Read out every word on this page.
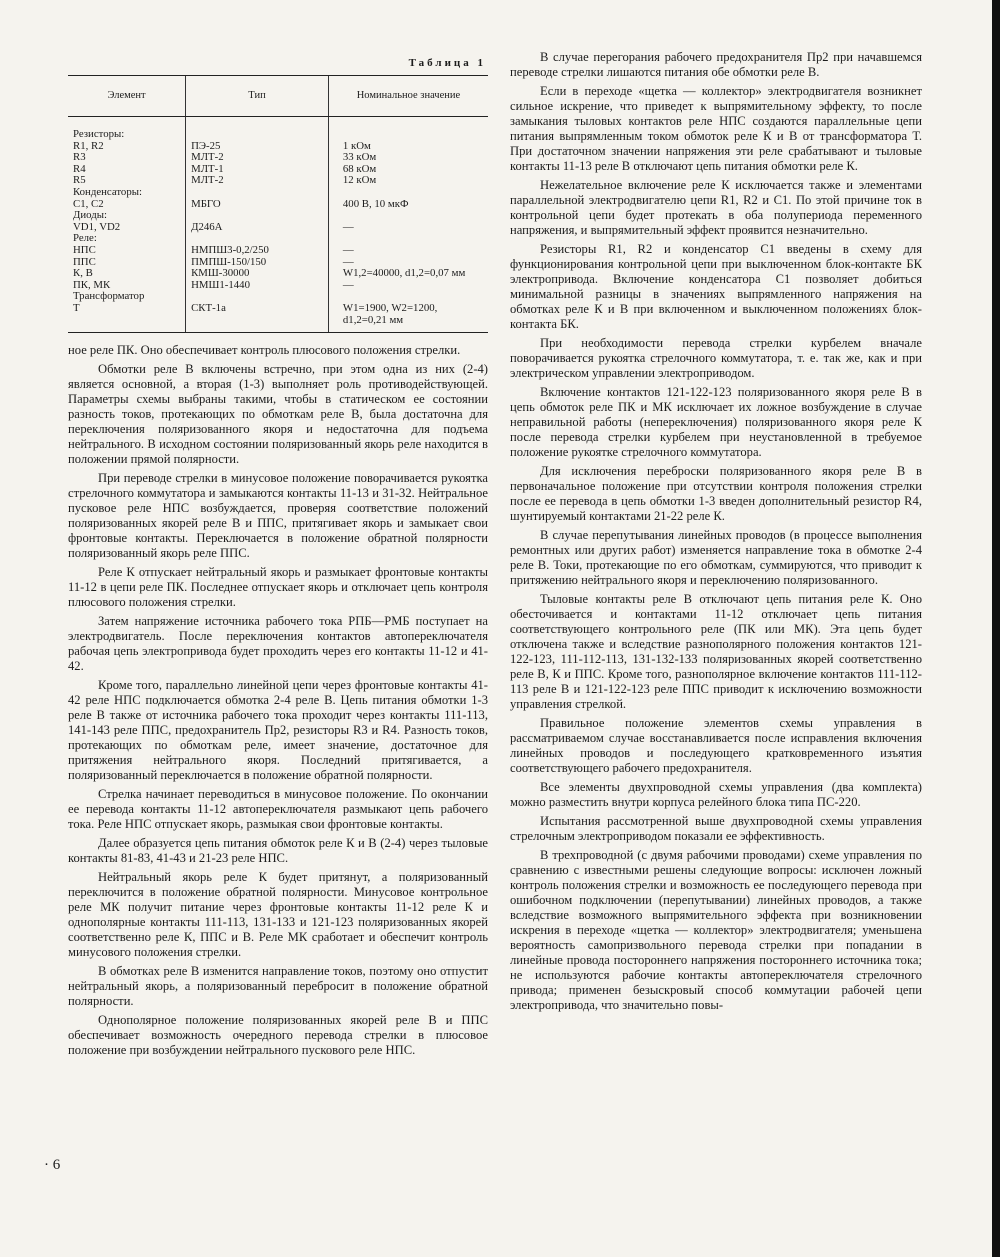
Таблица 1
Элемент	Тип	Номинальное значение
Резисторы:		
R1, R2	ПЭ-25	1 кОм
R3	МЛТ-2	33 кОм
R4	МЛТ-1	68 кОм
R5	МЛТ-2	12 кОм
Конденсаторы:		
C1, C2	МБГО	400 В, 10 мкФ
Диоды:		
VD1, VD2	Д246А	—
Реле:		
НПС	НМПШ3-0,2/250	—
ППС	ПМПШ-150/150	—
К, В	КМШ-30000	W1,2=40000, d1,2=0,07 мм
ПК, МК	НМШ1-1440	—
Трансформатор		
Т	СКТ-1а	W1=1900, W2=1200,
		d1,2=0,21 мм

ное реле ПК. Оно обеспечивает контроль плюсового положения стрелки.

Обмотки реле В включены встречно, при этом одна из них (2-4) является основной, а вторая (1-3) выполняет роль противодействующей. Параметры схемы выбраны такими, чтобы в статическом ее состоянии разность токов, протекающих по обмоткам реле В, была достаточна для переключения поляризованного якоря и недостаточна для подъема нейтрального. В исходном состоянии поляризованный якорь реле находится в положении прямой полярности.

При переводе стрелки в минусовое положение поворачивается рукоятка стрелочного коммутатора и замыкаются контакты 11-13 и 31-32. Нейтральное пусковое реле НПС возбуждается, проверяя соответствие положений поляризованных якорей реле В и ППС, притягивает якорь и замыкает свои фронтовые контакты. Переключается в положение обратной полярности поляризованный якорь реле ППС.

Реле К отпускает нейтральный якорь и размыкает фронтовые контакты 11-12 в цепи реле ПК. Последнее отпускает якорь и отключает цепь контроля плюсового положения стрелки.

Затем напряжение источника рабочего тока РПБ—РМБ поступает на электродвигатель. После переключения контактов автопереключателя рабочая цепь электропривода будет проходить через его контакты 11-12 и 41-42.

Кроме того, параллельно линейной цепи через фронтовые контакты 41-42 реле НПС подключается обмотка 2-4 реле В. Цепь питания обмотки 1-3 реле В также от источника рабочего тока проходит через контакты 111-113, 141-143 реле ППС, предохранитель Пр2, резисторы R3 и R4. Разность токов, протекающих по обмоткам реле, имеет значение, достаточное для притяжения нейтрального якоря. Последний притягивается, а поляризованный переключается в положение обратной полярности.

Стрелка начинает переводиться в минусовое положение. По окончании ее перевода контакты 11-12 автопереключателя размыкают цепь рабочего тока. Реле НПС отпускает якорь, размыкая свои фронтовые контакты.

Далее образуется цепь питания обмоток реле К и В (2-4) через тыловые контакты 81-83, 41-43 и 21-23 реле НПС.

Нейтральный якорь реле К будет притянут, а поляризованный переключится в положение обратной полярности. Минусовое контрольное реле МК получит питание через фронтовые контакты 11-12 реле К и однополярные контакты 111-113, 131-133 и 121-123 поляризованных якорей соответственно реле К, ППС и В. Реле МК сработает и обеспечит контроль минусового положения стрелки.

В обмотках реле В изменится направление токов, поэтому оно отпустит нейтральный якорь, а поляризованный перебросит в положение обратной полярности.

Однополярное положение поляризованных якорей реле В и ППС обеспечивает возможность очередного перевода стрелки в плюсовое положение при возбуждении нейтрального пускового реле НПС.

В случае перегорания рабочего предохранителя Пр2 при начавшемся переводе стрелки лишаются питания обе обмотки реле В.

Если в переходе «щетка — коллектор» электродвигателя возникнет сильное искрение, что приведет к выпрямительному эффекту, то после замыкания тыловых контактов реле НПС создаются параллельные цепи питания выпрямленным током обмоток реле К и В от трансформатора Т. При достаточном значении напряжения эти реле срабатывают и тыловые контакты 11-13 реле В отключают цепь питания обмотки реле К.

Нежелательное включение реле К исключается также и элементами параллельной электродвигателю цепи R1, R2 и C1. По этой причине ток в контрольной цепи будет протекать в оба полупериода переменного напряжения, и выпрямительный эффект проявится незначительно.

Резисторы R1, R2 и конденсатор C1 введены в схему для функционирования контрольной цепи при выключенном блок-контакте БК электропривода. Включение конденсатора C1 позволяет добиться минимальной разницы в значениях выпрямленного напряжения на обмотках реле К и В при включенном и выключенном положениях блок-контакта БК.

При необходимости перевода стрелки курбелем вначале поворачивается рукоятка стрелочного коммутатора, т. е. так же, как и при электрическом управлении электроприводом.

Включение контактов 121-122-123 поляризованного якоря реле В в цепь обмоток реле ПК и МК исключает их ложное возбуждение в случае неправильной работы (непереключения) поляризованного якоря реле К после перевода стрелки курбелем при неустановленной в требуемое положение рукоятке стрелочного коммутатора.

Для исключения переброски поляризованного якоря реле В в первоначальное положение при отсутствии контроля положения стрелки после ее перевода в цепь обмотки 1-3 введен дополнительный резистор R4, шунтируемый контактами 21-22 реле К.

В случае перепутывания линейных проводов (в процессе выполнения ремонтных или других работ) изменяется направление тока в обмотке 2-4 реле В. Токи, протекающие по его обмоткам, суммируются, что приводит к притяжению нейтрального якоря и переключению поляризованного.

Тыловые контакты реле В отключают цепь питания реле К. Оно обесточивается и контактами 11-12 отключает цепь питания соответствующего контрольного реле (ПК или МК). Эта цепь будет отключена также и вследствие разнополярного положения контактов 121-122-123, 111-112-113, 131-132-133 поляризованных якорей соответственно реле В, К и ППС. Кроме того, разнополярное включение контактов 111-112-113 реле В и 121-122-123 реле ППС приводит к исключению возможности управления стрелкой.

Правильное положение элементов схемы управления в рассматриваемом случае восстанавливается после исправления включения линейных проводов и последующего кратковременного изъятия соответствующего рабочего предохранителя.

Все элементы двухпроводной схемы управления (два комплекта) можно разместить внутри корпуса релейного блока типа ПС-220.

Испытания рассмотренной выше двухпроводной схемы управления стрелочным электроприводом показали ее эффективность.

В трехпроводной (с двумя рабочими проводами) схеме управления по сравнению с известными решены следующие вопросы: исключен ложный контроль положения стрелки и возможность ее последующего перевода при ошибочном подключении (перепутывании) линейных проводов, а также вследствие возможного выпрямительного эффекта при возникновении искрения в переходе «щетка — коллектор» электродвигателя; уменьшена вероятность самопризвольного перевода стрелки при попадании в линейные провода постороннего напряжения постороннего источника тока; не используются рабочие контакты автопереключателя стрелочного привода; применен безыскровый способ коммутации рабочей цепи электропривода, что значительно повы-

· 6
